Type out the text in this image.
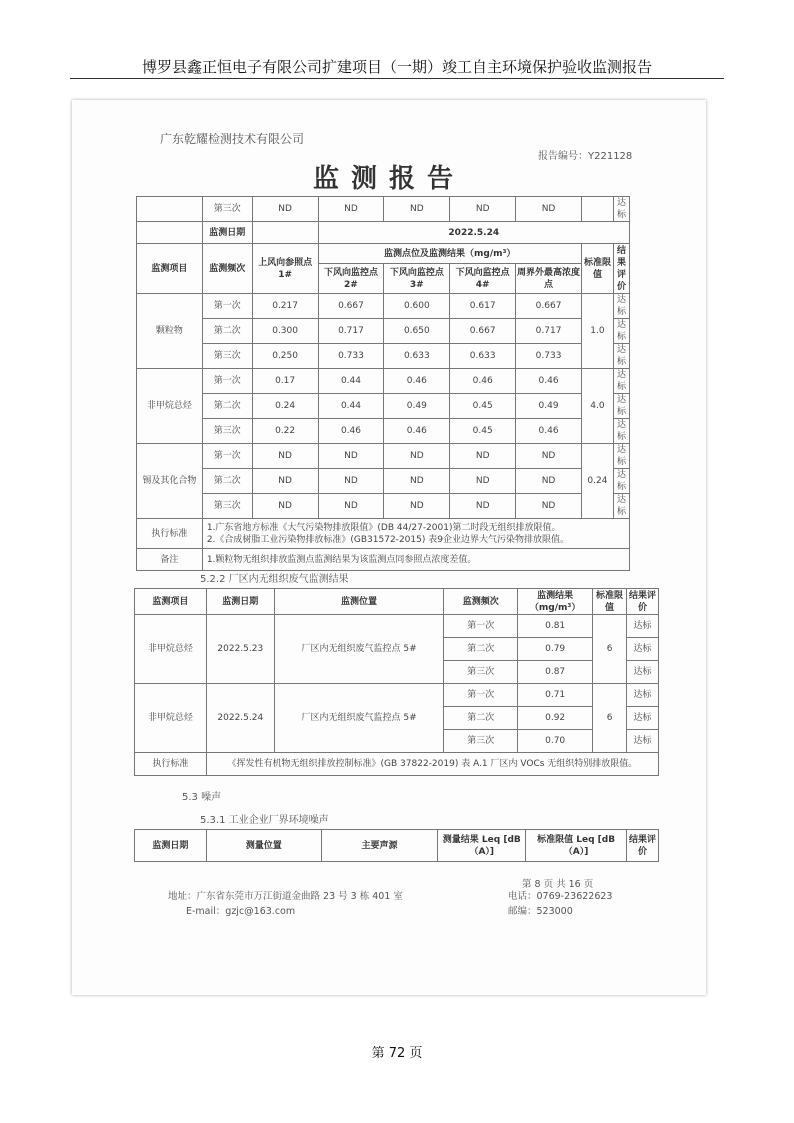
博罗县鑫正恒电子有限公司扩建项目（一期）竣工自主环境保护验收监测报告
广东乾耀检测技术有限公司
报告编号：Y221128
监测报告
	第三次	ND	ND	ND	ND	ND		达标
	监测日期		2022.5.24					
监测项目	监测频次	上风向参照点 1#	监测点位及监测结果（mg/m³）				标准限值	结果评价
			下风向监控点 2#	下风向监控点 3#	下风向监控点 4#	周界外最高浓度点		
颗粒物	第一次	0.217	0.667	0.600	0.617	0.667	1.0	达标
	第二次	0.300	0.717	0.650	0.667	0.717		达标
	第三次	0.250	0.733	0.633	0.633	0.733		达标
非甲烷总烃	第一次	0.17	0.44	0.46	0.46	0.46	4.0	达标
	第二次	0.24	0.44	0.49	0.45	0.49		达标
	第三次	0.22	0.46	0.46	0.45	0.46		达标
锡及其化合物	第一次	ND	ND	ND	ND	ND	0.24	达标
	第二次	ND	ND	ND	ND	ND		达标
	第三次	ND	ND	ND	ND	ND		达标
执行标准	1.广东省地方标准《大气污染物排放限值》(DB 44/27-2001)第二时段无组织排放限值。
2.《合成树脂工业污染物排放标准》(GB31572-2015) 表9企业边界大气污染物排放限值。							

备注	1.颗粒物无组织排放监测点监测结果为该监测点同参照点浓度差值。							
5.2.2 厂区内无组织废气监测结果
监测项目	监测日期	监测位置	监测频次	监测结果（mg/m³）	标准限值	结果评价
非甲烷总烃	2022.5.23	厂区内无组织废气监控点 5#	第一次	0.81	6	达标
			第二次	0.79		达标
			第三次	0.87		达标
非甲烷总烃	2022.5.24	厂区内无组织废气监控点 5#	第一次	0.71	6	达标
			第二次	0.92		达标
			第三次	0.70		达标
执行标准	《挥发性有机物无组织排放控制标准》(GB 37822-2019) 表 A.1 厂区内 VOCs 无组织特别排放限值。					
5.3 噪声
5.3.1 工业企业厂界环境噪声
监测日期	测量位置	主要声源	测量结果 Leq [dB（A）]	标准限值 Leq [dB（A）]	结果评价
第 8 页 共 16 页
地址：广东省东莞市万江街道金曲路 23 号 3 栋 401 室	电话：0769-23622623
E-mail：gzjc@163.com	邮编：523000
第 72 页
